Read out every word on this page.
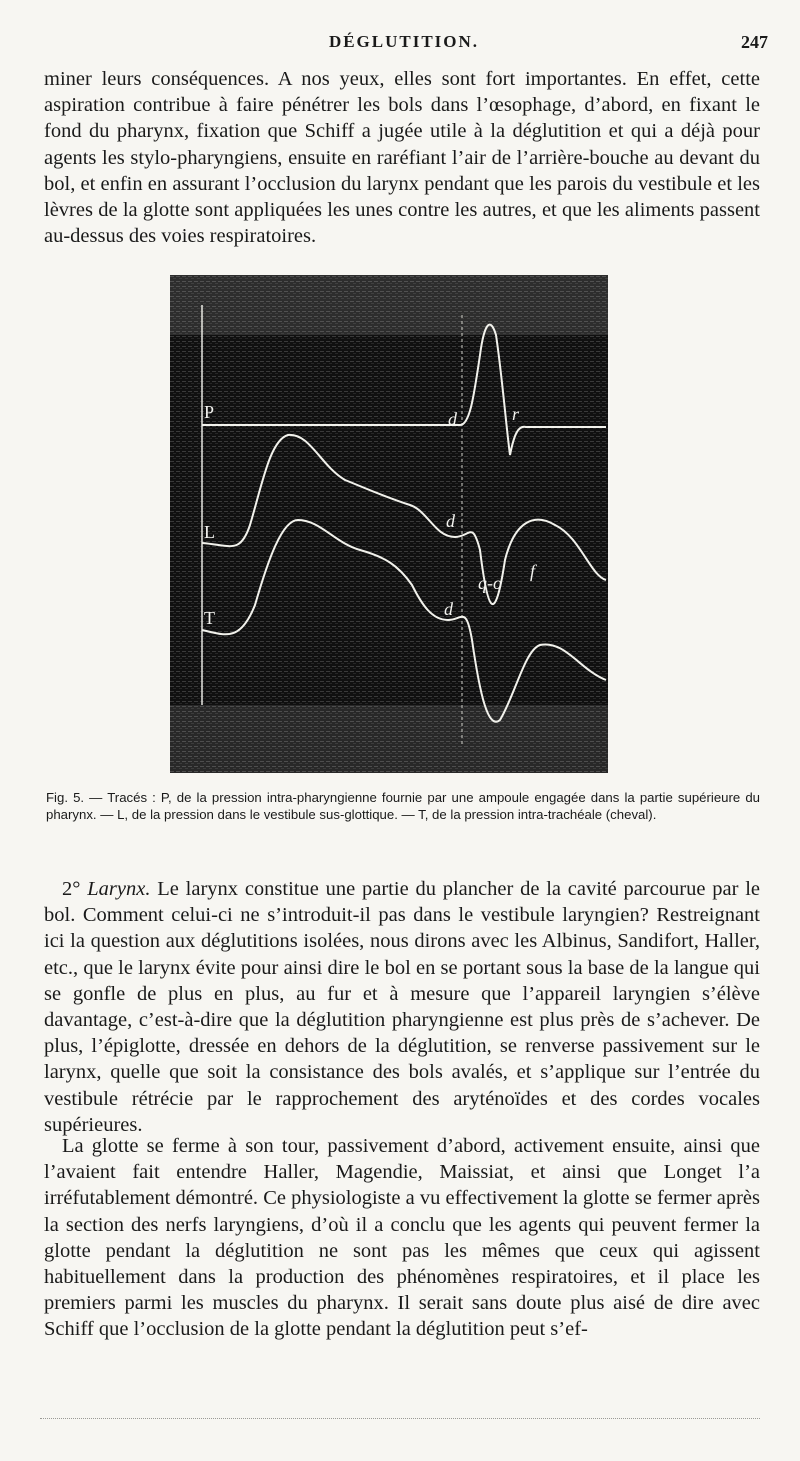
DÉGLUTITION.	247

miner leurs conséquences. A nos yeux, elles sont fort importantes. En effet, cette aspiration contribue à faire pénétrer les bols dans l’œsophage, d’abord, en fixant le fond du pharynx, fixation que Schiff a jugée utile à la déglutition et qui a déjà pour agents les stylo-pharyngiens, ensuite en raréfiant l’air de l’arrière-bouche au devant du bol, et enfin en assurant l’occlusion du larynx pendant que les parois du vestibule et les lèvres de la glotte sont appliquées les unes contre les autres, et que les aliments passent au-dessus des voies respiratoires.

P
L
T
d	r
d
q-o
f
d

Fig. 5. — Tracés : P, de la pression intra-pharyngienne fournie par une ampoule engagée dans la partie supérieure du pharynx. — L, de la pression dans le vestibule sus-glottique. — T, de la pression intra-trachéale (cheval).

2° Larynx. Le larynx constitue une partie du plancher de la cavité parcourue par le bol. Comment celui-ci ne s’introduit-il pas dans le vestibule laryngien? Restreignant ici la question aux déglutitions isolées, nous dirons avec les Albinus, Sandifort, Haller, etc., que le larynx évite pour ainsi dire le bol en se portant sous la base de la langue qui se gonfle de plus en plus, au fur et à mesure que l’appareil laryngien s’élève davantage, c’est-à-dire que la déglutition pharyngienne est plus près de s’achever. De plus, l’épiglotte, dressée en dehors de la déglutition, se renverse passivement sur le larynx, quelle que soit la consistance des bols avalés, et s’applique sur l’entrée du vestibule rétrécie par le rapprochement des aryténoïdes et des cordes vocales supérieures.

La glotte se ferme à son tour, passivement d’abord, activement ensuite, ainsi que l’avaient fait entendre Haller, Magendie, Maissiat, et ainsi que Longet l’a irréfutablement démontré. Ce physiologiste a vu effectivement la glotte se fermer après la section des nerfs laryngiens, d’où il a conclu que les agents qui peuvent fermer la glotte pendant la déglutition ne sont pas les mêmes que ceux qui agissent habituellement dans la production des phénomènes respiratoires, et il place les premiers parmi les muscles du pharynx. Il serait sans doute plus aisé de dire avec Schiff que l’occlusion de la glotte pendant la déglutition peut s’ef-
